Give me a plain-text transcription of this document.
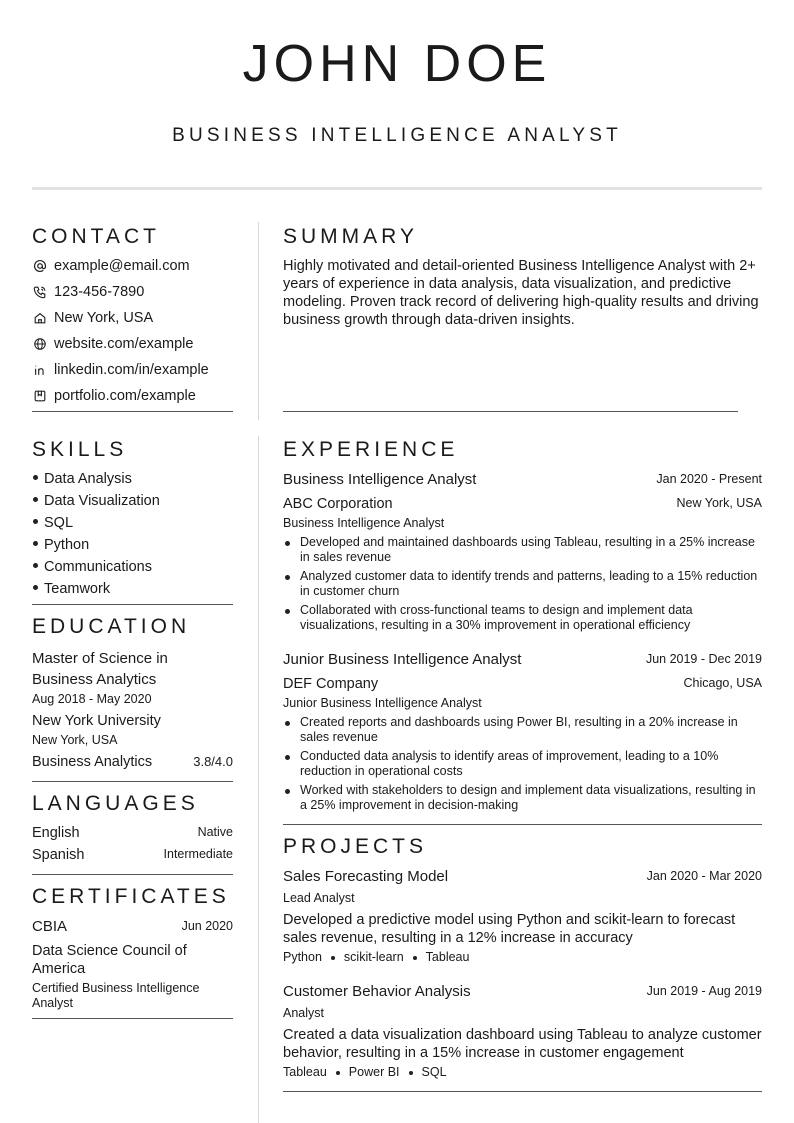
JOHN DOE
BUSINESS INTELLIGENCE ANALYST
CONTACT
example@email.com
123-456-7890
New York, USA
website.com/example
linkedin.com/in/example
portfolio.com/example
SUMMARY
Highly motivated and detail-oriented Business Intelligence Analyst with 2+ years of experience in data analysis, data visualization, and predictive modeling. Proven track record of delivering high-quality results and driving business growth through data-driven insights.
SKILLS
Data Analysis
Data Visualization
SQL
Python
Communications
Teamwork
EDUCATION
Master of Science in Business Analytics
Aug 2018 - May 2020
New York University
New York, USA
Business Analytics	3.8/4.0
LANGUAGES
English	Native
Spanish	Intermediate
CERTIFICATES
CBIA	Jun 2020
Data Science Council of America
Certified Business Intelligence Analyst
EXPERIENCE
Business Intelligence Analyst	Jan 2020 - Present
ABC Corporation	New York, USA
Business Intelligence Analyst
Developed and maintained dashboards using Tableau, resulting in a 25% increase in sales revenue
Analyzed customer data to identify trends and patterns, leading to a 15% reduction in customer churn
Collaborated with cross-functional teams to design and implement data visualizations, resulting in a 30% improvement in operational efficiency
Junior Business Intelligence Analyst	Jun 2019 - Dec 2019
DEF Company	Chicago, USA
Junior Business Intelligence Analyst
Created reports and dashboards using Power BI, resulting in a 20% increase in sales revenue
Conducted data analysis to identify areas of improvement, leading to a 10% reduction in operational costs
Worked with stakeholders to design and implement data visualizations, resulting in a 25% improvement in decision-making
PROJECTS
Sales Forecasting Model	Jan 2020 - Mar 2020
Lead Analyst
Developed a predictive model using Python and scikit-learn to forecast sales revenue, resulting in a 12% increase in accuracy
Python scikit-learn Tableau
Customer Behavior Analysis	Jun 2019 - Aug 2019
Analyst
Created a data visualization dashboard using Tableau to analyze customer behavior, resulting in a 15% increase in customer engagement
Tableau Power BI SQL
